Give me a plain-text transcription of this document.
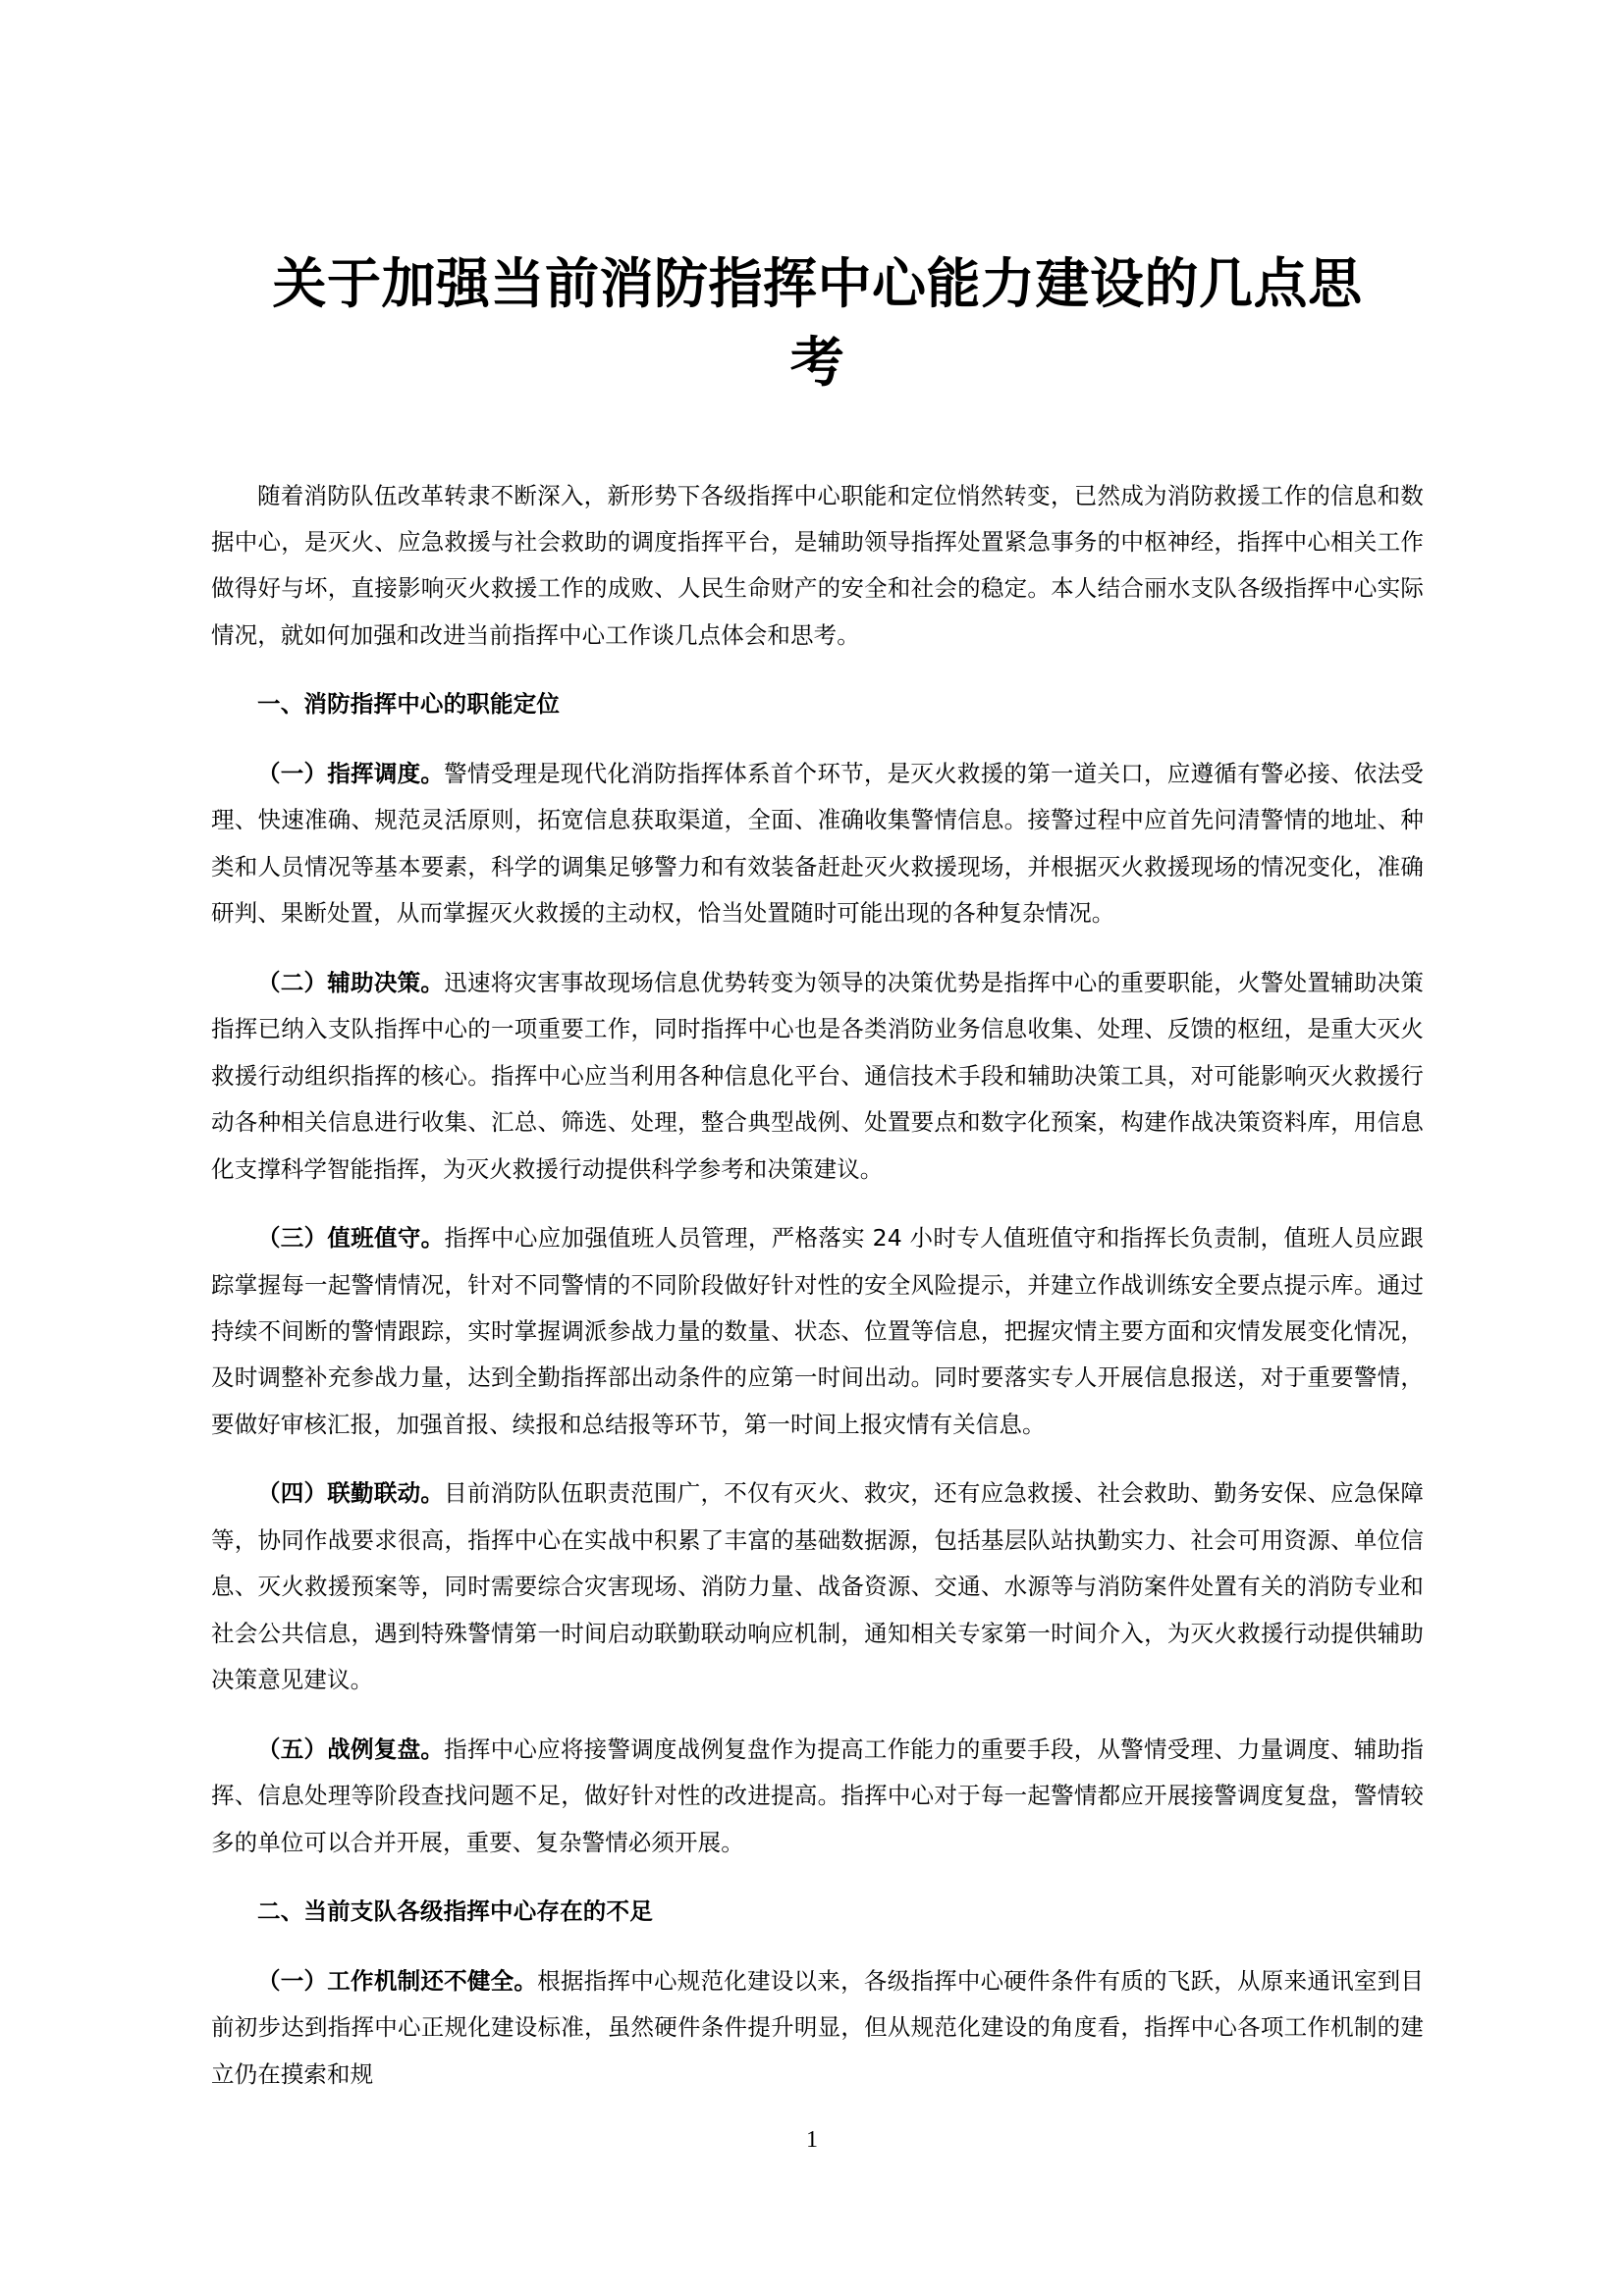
关于加强当前消防指挥中心能力建设的几点思考

随着消防队伍改革转隶不断深入，新形势下各级指挥中心职能和定位悄然转变，已然成为消防救援工作的信息和数据中心，是灭火、应急救援与社会救助的调度指挥平台，是辅助领导指挥处置紧急事务的中枢神经，指挥中心相关工作做得好与坏，直接影响灭火救援工作的成败、人民生命财产的安全和社会的稳定。本人结合丽水支队各级指挥中心实际情况，就如何加强和改进当前指挥中心工作谈几点体会和思考。

一、消防指挥中心的职能定位

（一）指挥调度。警情受理是现代化消防指挥体系首个环节，是灭火救援的第一道关口，应遵循有警必接、依法受理、快速准确、规范灵活原则，拓宽信息获取渠道，全面、准确收集警情信息。接警过程中应首先问清警情的地址、种类和人员情况等基本要素，科学的调集足够警力和有效装备赶赴灭火救援现场，并根据灭火救援现场的情况变化，准确研判、果断处置，从而掌握灭火救援的主动权，恰当处置随时可能出现的各种复杂情况。

（二）辅助决策。迅速将灾害事故现场信息优势转变为领导的决策优势是指挥中心的重要职能，火警处置辅助决策指挥已纳入支队指挥中心的一项重要工作，同时指挥中心也是各类消防业务信息收集、处理、反馈的枢纽，是重大灭火救援行动组织指挥的核心。指挥中心应当利用各种信息化平台、通信技术手段和辅助决策工具，对可能影响灭火救援行动各种相关信息进行收集、汇总、筛选、处理，整合典型战例、处置要点和数字化预案，构建作战决策资料库，用信息化支撑科学智能指挥，为灭火救援行动提供科学参考和决策建议。

（三）值班值守。指挥中心应加强值班人员管理，严格落实 24 小时专人值班值守和指挥长负责制，值班人员应跟踪掌握每一起警情情况，针对不同警情的不同阶段做好针对性的安全风险提示，并建立作战训练安全要点提示库。通过持续不间断的警情跟踪，实时掌握调派参战力量的数量、状态、位置等信息，把握灾情主要方面和灾情发展变化情况，及时调整补充参战力量，达到全勤指挥部出动条件的应第一时间出动。同时要落实专人开展信息报送，对于重要警情，要做好审核汇报，加强首报、续报和总结报等环节，第一时间上报灾情有关信息。

（四）联勤联动。目前消防队伍职责范围广，不仅有灭火、救灾，还有应急救援、社会救助、勤务安保、应急保障等，协同作战要求很高，指挥中心在实战中积累了丰富的基础数据源，包括基层队站执勤实力、社会可用资源、单位信息、灭火救援预案等，同时需要综合灾害现场、消防力量、战备资源、交通、水源等与消防案件处置有关的消防专业和社会公共信息，遇到特殊警情第一时间启动联勤联动响应机制，通知相关专家第一时间介入，为灭火救援行动提供辅助决策意见建议。

（五）战例复盘。指挥中心应将接警调度战例复盘作为提高工作能力的重要手段，从警情受理、力量调度、辅助指挥、信息处理等阶段查找问题不足，做好针对性的改进提高。指挥中心对于每一起警情都应开展接警调度复盘，警情较多的单位可以合并开展，重要、复杂警情必须开展。

二、当前支队各级指挥中心存在的不足

（一）工作机制还不健全。根据指挥中心规范化建设以来，各级指挥中心硬件条件有质的飞跃，从原来通讯室到目前初步达到指挥中心正规化建设标准，虽然硬件条件提升明显，但从规范化建设的角度看，指挥中心各项工作机制的建立仍在摸索和规

1
